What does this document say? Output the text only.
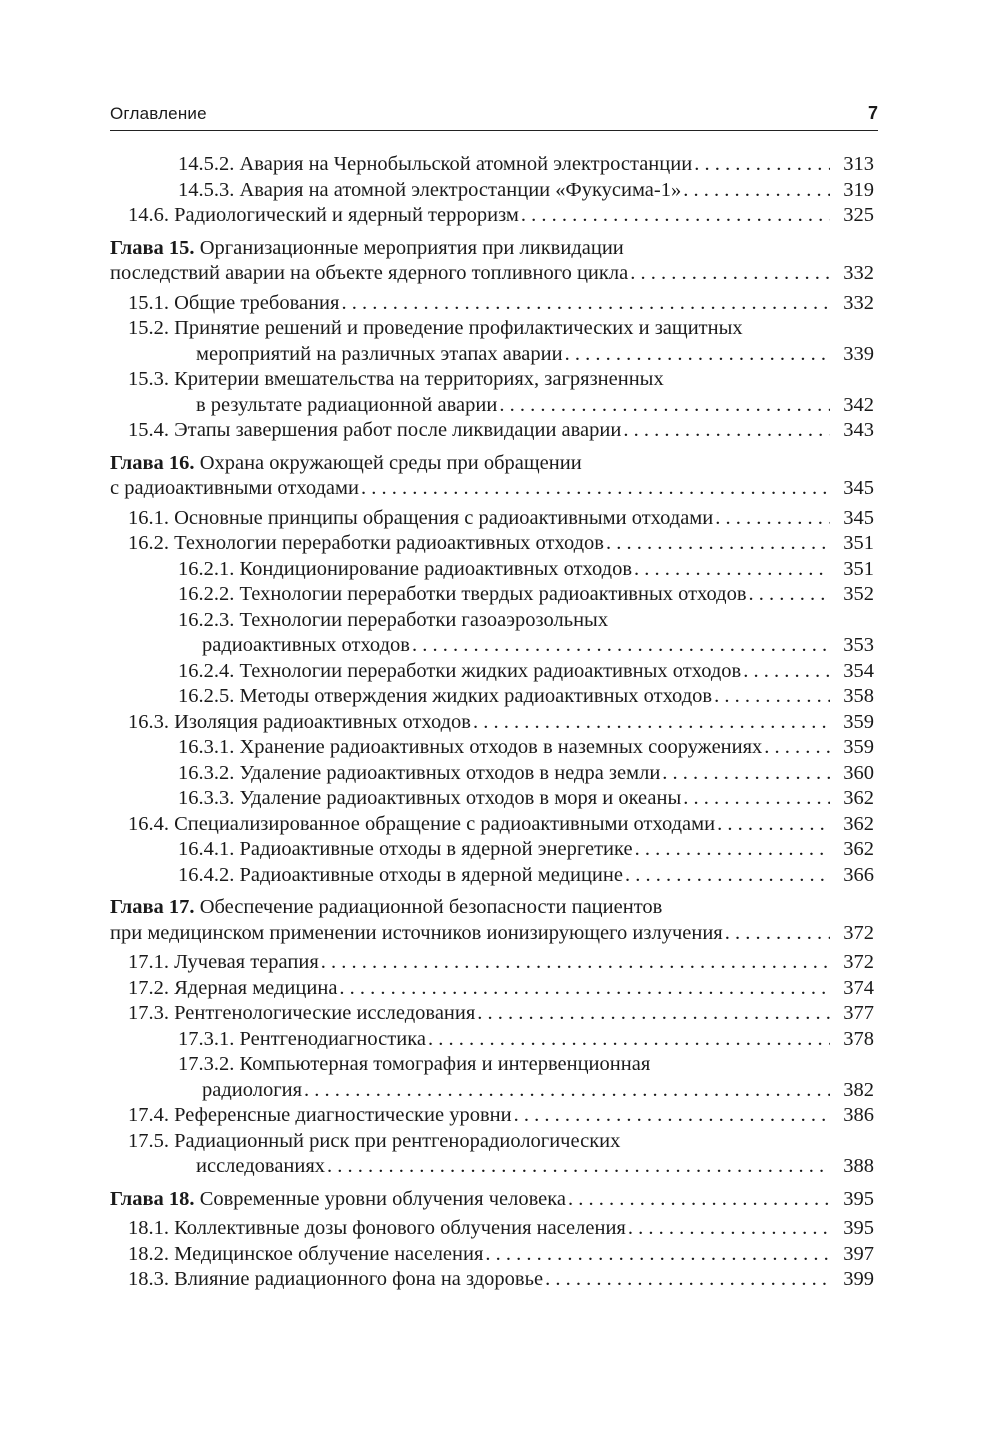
Оглавление	7
14.5.2.
Авария на Чернобыльской атомной электростанции . . .	313
14.5.3.
Авария на атомной электростанции «Фукусима-1» . . .	319
14.6.
Радиологический и ядерный терроризм . . .	325
Глава 15.
Организационные мероприятия при ликвидации
последствий аварии на объекте ядерного топливного цикла . . .	332
15.1.
Общие требования . . .	332
15.2.
Принятие решений и проведение профилактических и защитных
мероприятий на различных этапах аварии . . .	339
15.3.
Критерии вмешательства на территориях, загрязненных
в результате радиационной аварии . . .	342
15.4.
Этапы завершения работ после ликвидации аварии . . .	343
Глава 16.
Охрана окружающей среды при обращении
с радиоактивными отходами . . .	345
16.1.
Основные принципы обращения с радиоактивными отходами . . .	345
16.2.
Технологии переработки радиоактивных отходов . . .	351
16.2.1.
Кондиционирование радиоактивных отходов . . .	351
16.2.2.
Технологии переработки твердых радиоактивных отходов . . .	352
16.2.3.
Технологии переработки газоаэрозольных
радиоактивных отходов . . .	353
16.2.4.
Технологии переработки жидких радиоактивных отходов . . .	354
16.2.5.
Методы отверждения жидких радиоактивных отходов . . .	358
16.3.
Изоляция радиоактивных отходов . . .	359
16.3.1.
Хранение радиоактивных отходов в наземных сооружениях . . .	359
16.3.2.
Удаление радиоактивных отходов в недра земли . . .	360
16.3.3.
Удаление радиоактивных отходов в моря и океаны . . .	362
16.4.
Специализированное обращение с радиоактивными отходами . . .	362
16.4.1.
Радиоактивные отходы в ядерной энергетике . . .	362
16.4.2.
Радиоактивные отходы в ядерной медицине . . .	366
Глава 17.
Обеспечение радиационной безопасности пациентов
при медицинском применении источников ионизирующего излучения . . .	372
17.1.
Лучевая терапия . . .	372
17.2.
Ядерная медицина . . .	374
17.3.
Рентгенологические исследования . . .	377
17.3.1.
Рентгенодиагностика . . .	378
17.3.2.
Компьютерная томография и интервенционная
радиология . . .	382
17.4.
Референсные диагностические уровни . . .	386
17.5.
Радиационный риск при рентгенорадиологических
исследованиях . . .	388
Глава 18.
Современные уровни облучения человека . . .	395
18.1.
Коллективные дозы фонового облучения населения . . .	395
18.2.
Медицинское облучение населения . . .	397
18.3.
Влияние радиационного фона на здоровье . . .	399
